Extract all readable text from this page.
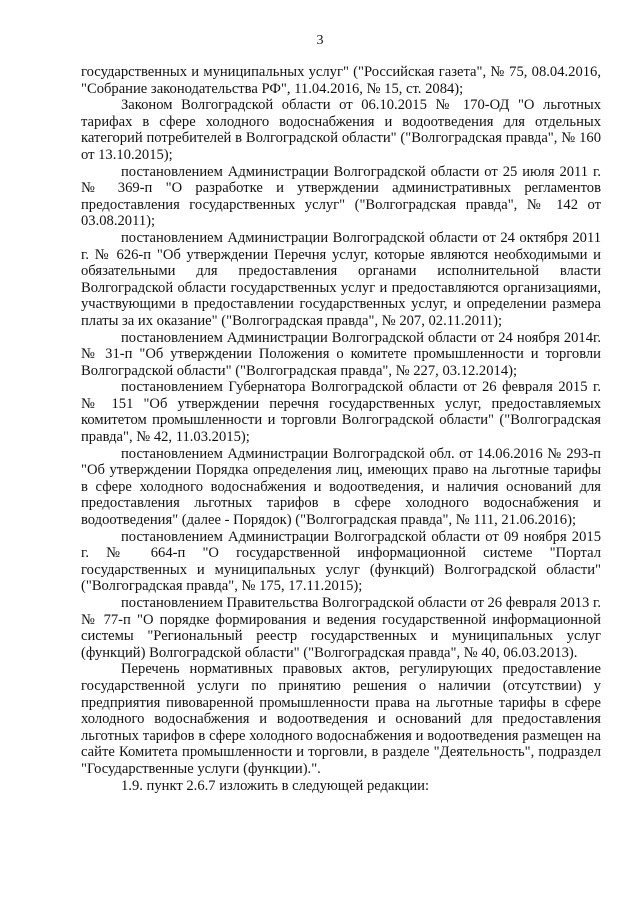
3

государственных и муниципальных услуг" ("Российская газета", № 75, 08.04.2016, "Собрание законодательства РФ", 11.04.2016, № 15, ст. 2084);

Законом Волгоградской области от 06.10.2015 № 170-ОД "О льготных тарифах в сфере холодного водоснабжения и водоотведения для отдельных категорий потребителей в Волгоградской области" ("Волгоградская правда", № 160 от 13.10.2015);

постановлением Администрации Волгоградской области от 25 июля 2011 г. № 369-п "О разработке и утверждении административных регламентов предоставления государственных услуг" ("Волгоградская правда", № 142 от 03.08.2011);

постановлением Администрации Волгоградской области от 24 октября 2011 г. № 626-п "Об утверждении Перечня услуг, которые являются необходимыми и обязательными для предоставления органами исполнительной власти Волгоградской области государственных услуг и предоставляются организациями, участвующими в предоставлении государственных услуг, и определении размера платы за их оказание" ("Волгоградская правда", № 207, 02.11.2011);

постановлением Администрации Волгоградской области от 24 ноября 2014г. № 31-п "Об утверждении Положения о комитете промышленности и торговли Волгоградской области" ("Волгоградская правда", № 227, 03.12.2014);

постановлением Губернатора Волгоградской области от 26 февраля 2015 г. № 151 "Об утверждении перечня государственных услуг, предоставляемых комитетом промышленности и торговли Волгоградской области" ("Волгоградская правда", № 42, 11.03.2015);

постановлением Администрации Волгоградской обл. от 14.06.2016 № 293-п "Об утверждении Порядка определения лиц, имеющих право на льготные тарифы в сфере холодного водоснабжения и водоотведения, и наличия оснований для предоставления льготных тарифов в сфере холодного водоснабжения и водоотведения" (далее - Порядок) ("Волгоградская правда", № 111, 21.06.2016);

постановлением Администрации Волгоградской области от 09 ноября 2015 г. № 664-п "О государственной информационной системе "Портал государственных и муниципальных услуг (функций) Волгоградской области" ("Волгоградская правда", № 175, 17.11.2015);

постановлением Правительства Волгоградской области от 26 февраля 2013 г. № 77-п "О порядке формирования и ведения государственной информационной системы "Региональный реестр государственных и муниципальных услуг (функций) Волгоградской области" ("Волгоградская правда", № 40, 06.03.2013).

Перечень нормативных правовых актов, регулирующих предоставление государственной услуги по принятию решения о наличии (отсутствии) у предприятия пивоваренной промышленности права на льготные тарифы в сфере холодного водоснабжения и водоотведения и оснований для предоставления льготных тарифов в сфере холодного водоснабжения и водоотведения размещен на сайте Комитета промышленности и торговли, в разделе "Деятельность", подраздел "Государственные услуги (функции).".

1.9. пункт 2.6.7 изложить в следующей редакции:
